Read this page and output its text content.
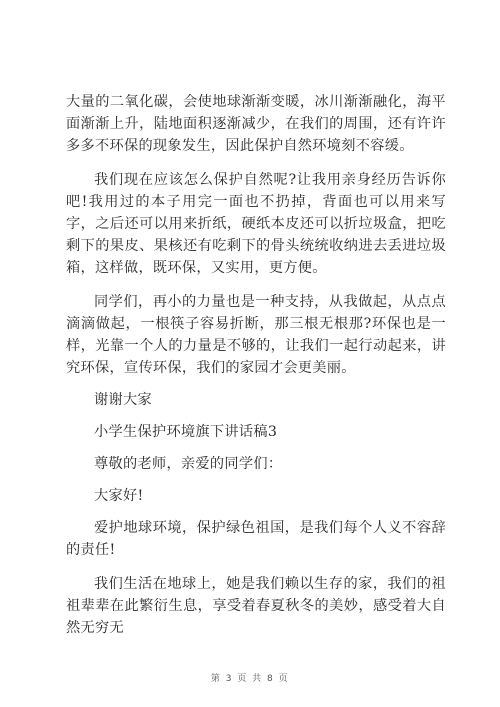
大量的二氧化碳，会使地球渐渐变暖，冰川渐渐融化，海平面渐渐上升，陆地面积逐渐减少，在我们的周围，还有许许多多不环保的现象发生，因此保护自然环境刻不容缓。

我们现在应该怎么保护自然呢?让我用亲身经历告诉你吧!我用过的本子用完一面也不扔掉，背面也可以用来写字，之后还可以用来折纸，硬纸本皮还可以折垃圾盒，把吃剩下的果皮、果核还有吃剩下的骨头统统收纳进去丢进垃圾箱，这样做，既环保，又实用，更方便。

同学们，再小的力量也是一种支持，从我做起，从点点滴滴做起，一根筷子容易折断，那三根无根那?环保也是一样，光靠一个人的力量是不够的，让我们一起行动起来，讲究环保，宣传环保，我们的家园才会更美丽。

谢谢大家

小学生保护环境旗下讲话稿3

尊敬的老师，亲爱的同学们：

大家好!

爱护地球环境，保护绿色祖国，是我们每个人义不容辞的责任!

我们生活在地球上，她是我们赖以生存的家，我们的祖祖辈辈在此繁衍生息，享受着春夏秋冬的美妙，感受着大自然无穷无

第 3 页 共 8 页
